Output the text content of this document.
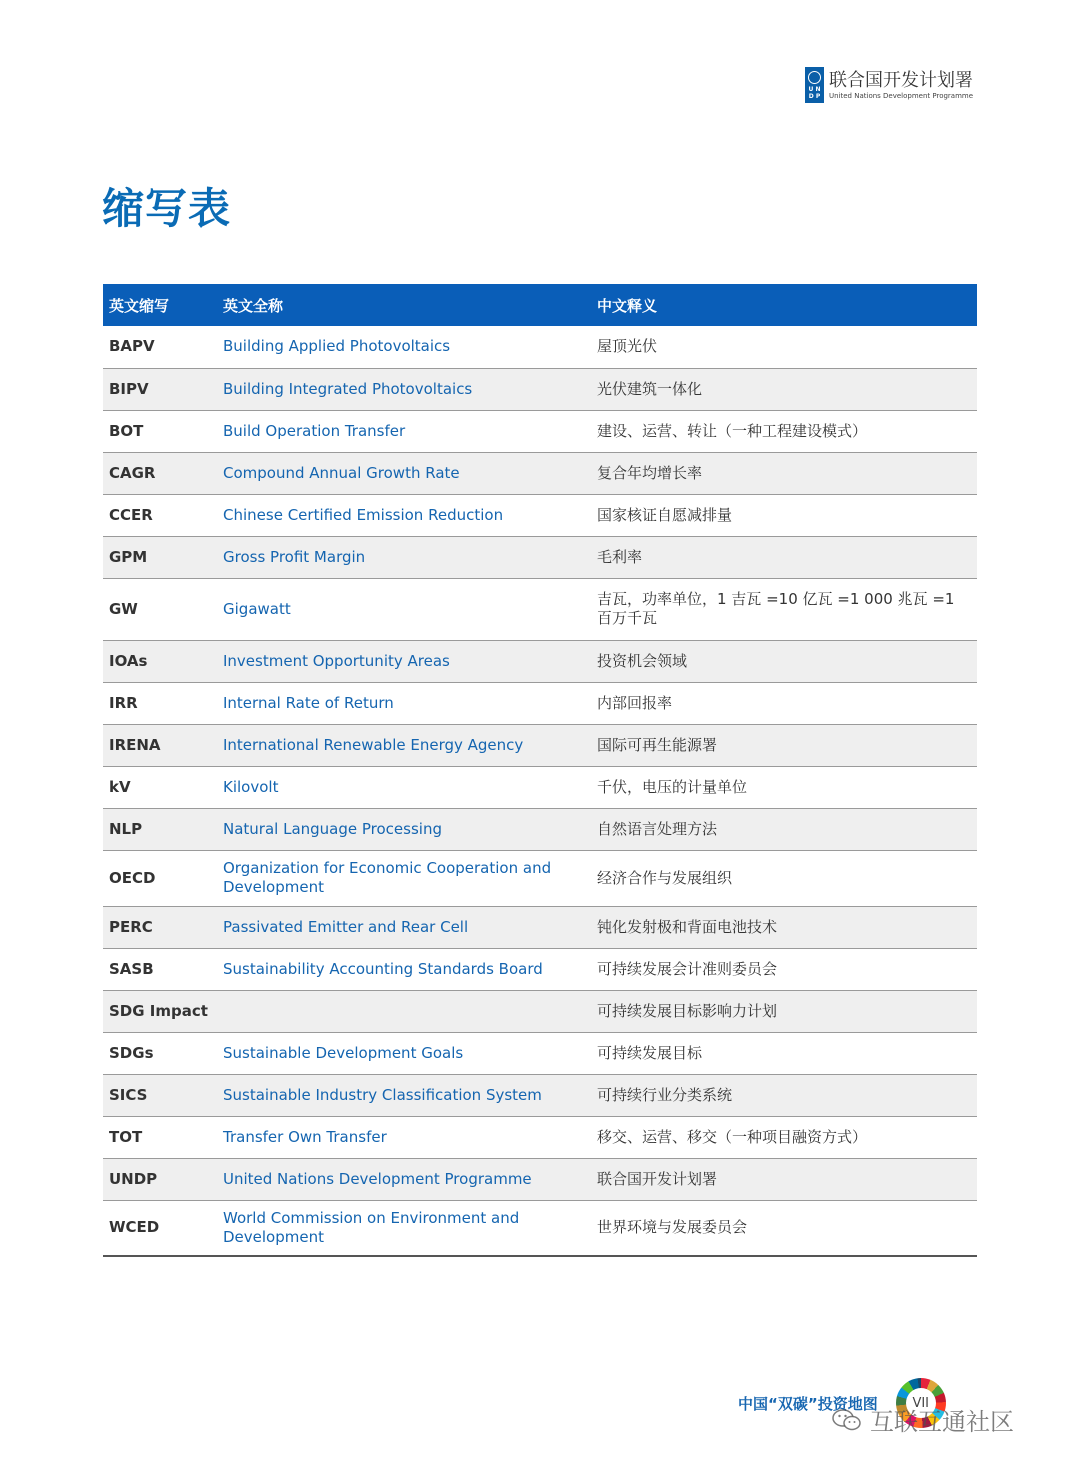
U N
D P
联合国开发计划署
United Nations Development Programme
缩写表
英文缩写	英文全称	中文释义
BAPV	Building Applied Photovoltaics	屋顶光伏
BIPV	Building Integrated Photovoltaics	光伏建筑一体化
BOT	Build Operation Transfer	建设、运营、转让（一种工程建设模式）
CAGR	Compound Annual Growth Rate	复合年均增长率
CCER	Chinese Certified Emission Reduction	国家核证自愿减排量
GPM	Gross Profit Margin	毛利率
GW	Gigawatt	吉瓦，功率单位，1 吉瓦 =10 亿瓦 =1 000 兆瓦 =1 百万千瓦
IOAs	Investment Opportunity Areas	投资机会领域
IRR	Internal Rate of Return	内部回报率
IRENA	International Renewable Energy Agency	国际可再生能源署
kV	Kilovolt	千伏，电压的计量单位
NLP	Natural Language Processing	自然语言处理方法
OECD	Organization for Economic Cooperation and Development	经济合作与发展组织
PERC	Passivated Emitter and Rear Cell	钝化发射极和背面电池技术
SASB	Sustainability Accounting Standards Board	可持续发展会计准则委员会
SDG Impact		可持续发展目标影响力计划
SDGs	Sustainable Development Goals	可持续发展目标
SICS	Sustainable Industry Classification System	可持续行业分类系统
TOT	Transfer Own Transfer	移交、运营、移交（一种项目融资方式）
UNDP	United Nations Development Programme	联合国开发计划署
WCED	World Commission on Environment and Development	世界环境与发展委员会
中国“双碳”投资地图	VII
互联互通社区
